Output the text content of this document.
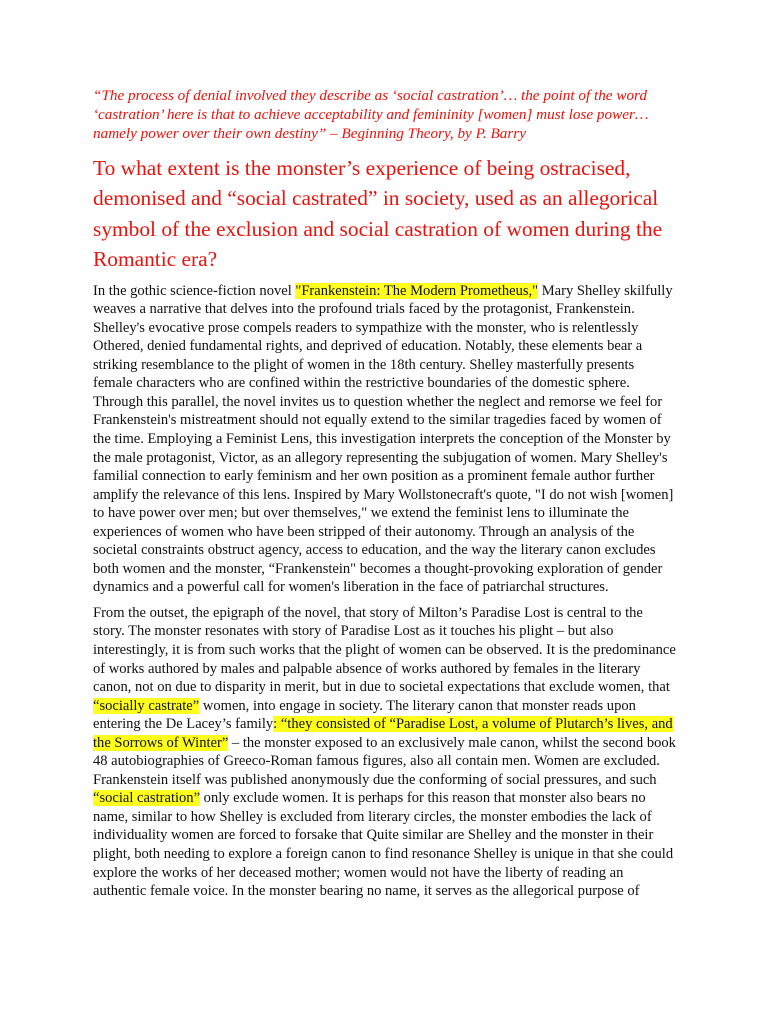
“The process of denial involved they describe as ‘social castration’… the point of the word ‘castration’ here is that to achieve acceptability and femininity [women] must lose power… namely power over their own destiny” – Beginning Theory, by P. Barry

To what extent is the monster’s experience of being ostracised, demonised and “social castrated” in society, used as an allegorical symbol of the exclusion and social castration of women during the Romantic era?

In the gothic science-fiction novel "Frankenstein: The Modern Prometheus," Mary Shelley skilfully weaves a narrative that delves into the profound trials faced by the protagonist, Frankenstein. Shelley's evocative prose compels readers to sympathize with the monster, who is relentlessly Othered, denied fundamental rights, and deprived of education. Notably, these elements bear a striking resemblance to the plight of women in the 18th century. Shelley masterfully presents female characters who are confined within the restrictive boundaries of the domestic sphere. Through this parallel, the novel invites us to question whether the neglect and remorse we feel for Frankenstein's mistreatment should not equally extend to the similar tragedies faced by women of the time. Employing a Feminist Lens, this investigation interprets the conception of the Monster by the male protagonist, Victor, as an allegory representing the subjugation of women. Mary Shelley's familial connection to early feminism and her own position as a prominent female author further amplify the relevance of this lens. Inspired by Mary Wollstonecraft's quote, "I do not wish [women] to have power over men; but over themselves," we extend the feminist lens to illuminate the experiences of women who have been stripped of their autonomy. Through an analysis of the societal constraints obstruct agency, access to education, and the way the literary canon excludes both women and the monster, “Frankenstein" becomes a thought-provoking exploration of gender dynamics and a powerful call for women's liberation in the face of patriarchal structures.

From the outset, the epigraph of the novel, that story of Milton’s Paradise Lost is central to the story. The monster resonates with story of Paradise Lost as it touches his plight – but also interestingly, it is from such works that the plight of women can be observed. It is the predominance of works authored by males and palpable absence of works authored by females in the literary canon, not on due to disparity in merit, but in due to societal expectations that exclude women, that “socially castrate” women, into engage in society. The literary canon that monster reads upon entering the De Lacey’s family: “they consisted of “Paradise Lost, a volume of Plutarch’s lives, and the Sorrows of Winter” – the monster exposed to an exclusively male canon, whilst the second book 48 autobiographies of Greeco-Roman famous figures, also all contain men. Women are excluded. Frankenstein itself was published anonymously due the conforming of social pressures, and such “social castration” only exclude women. It is perhaps for this reason that monster also bears no name, similar to how Shelley is excluded from literary circles, the monster embodies the lack of individuality women are forced to forsake that Quite similar are Shelley and the monster in their plight, both needing to explore a foreign canon to find resonance Shelley is unique in that she could explore the works of her deceased mother; women would not have the liberty of reading an authentic female voice. In the monster bearing no name, it serves as the allegorical purpose of
